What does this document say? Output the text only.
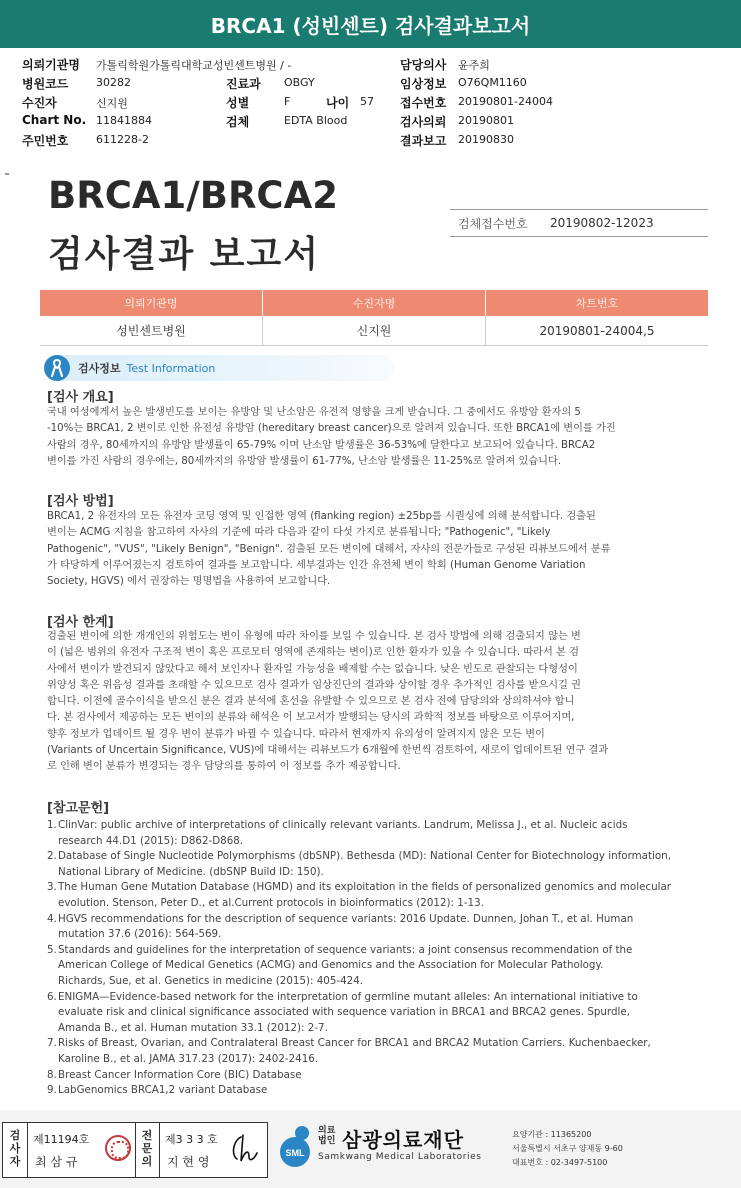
BRCA1 (성빈센트) 검사결과보고서
의뢰기관명 가톨릭학원가톨릭대학교성빈센트병원 / -	담당의사 윤주희
병원코드	30282	진료과 OBGY	임상정보 O76QM1160
수진자	신지원	성별	F	나이 57 접수번호 20190801-24004
Chart No. 11841884	검체	EDTA Blood	검사의뢰 20190801
주민번호	611228-2	결과보고 20190830
BRCA1/BRCA2
검사결과 보고서
검체접수번호	20190802-12023
의뢰기관명	수진자명	차트번호
성빈센트병원	신지원	20190801-24004,5
검사정보 Test Information
[검사 개요]
국내 여성에게서 높은 발생빈도를 보이는 유방암 및 난소암은 유전적 영향을 크게 받습니다. 그 중에서도 유방암 환자의 5
-10%는 BRCA1, 2 변이로 인한 유전성 유방암 (hereditary breast cancer)으로 알려져 있습니다. 또한 BRCA1에 변이를 가진
사람의 경우, 80세까지의 유방암 발생률이 65-79% 이며 난소암 발생률은 36-53%에 달한다고 보고되어 있습니다. BRCA2
변이를 가진 사람의 경우에는, 80세까지의 유방암 발생률이 61-77%, 난소암 발생률은 11-25%로 알려져 있습니다.
[검사 방법]
BRCA1, 2 유전자의 모든 유전자 코딩 영역 및 인접한 영역 (flanking region) ±25bp를 시퀀싱에 의해 분석합니다. 검출된
변이는 ACMG 지침을 참고하여 자사의 기준에 따라 다음과 같이 다섯 가지로 분류됩니다; "Pathogenic", "Likely
Pathogenic", "VUS", "Likely Benign", "Benign". 검출된 모든 변이에 대해서, 자사의 전문가들로 구성된 리뷰보드에서 분류
가 타당하게 이루어졌는지 검토하여 결과를 보고합니다. 세부결과는 인간 유전체 변이 학회 (Human Genome Variation
Society, HGVS) 에서 권장하는 명명법을 사용하여 보고합니다.
[검사 한계]
검출된 변이에 의한 개개인의 위험도는 변이 유형에 따라 차이를 보일 수 있습니다. 본 검사 방법에 의해 검출되지 않는 변
이 (넓은 범위의 유전자 구조적 변이 혹은 프로모터 영역에 존재하는 변이)로 인한 환자가 있을 수 있습니다. 따라서 본 검
사에서 변이가 발견되지 않았다고 해서 보인자나 환자일 가능성을 배제할 수는 없습니다. 낮은 빈도로 관찰되는 다형성이
위양성 혹은 위음성 결과를 초래할 수 있으므로 검사 결과가 임상진단의 결과와 상이할 경우 추가적인 검사를 받으시길 권
합니다. 이전에 골수이식을 받으신 분은 결과 분석에 혼선을 유발할 수 있으므로 본 검사 전에 담당의와 상의하셔야 합니
다. 본 검사에서 제공하는 모든 변이의 분류와 해석은 이 보고서가 발행되는 당시의 과학적 정보를 바탕으로 이루어지며,
향후 정보가 업데이트 될 경우 변이 분류가 바뀔 수 있습니다. 따라서 현재까지 유의성이 알려지지 않은 모든 변이
(Variants of Uncertain Significance, VUS)에 대해서는 리뷰보드가 6개월에 한번씩 검토하여, 새로이 업데이트된 연구 결과
로 인해 변이 분류가 변경되는 경우 담당의를 통하여 이 정보를 추가 제공합니다.
[참고문헌]
1. ClinVar: public archive of interpretations of clinically relevant variants. Landrum, Melissa J., et al. Nucleic acids
research 44.D1 (2015): D862-D868.
2. Database of Single Nucleotide Polymorphisms (dbSNP). Bethesda (MD): National Center for Biotechnology information,
National Library of Medicine. (dbSNP Build ID: 150).
3. The Human Gene Mutation Database (HGMD) and its exploitation in the fields of personalized genomics and molecular
evolution. Stenson, Peter D., et al.Current protocols in bioinformatics (2012): 1-13.
4. HGVS recommendations for the description of sequence variants: 2016 Update. Dunnen, Johan T., et al. Human
mutation 37.6 (2016): 564-569.
5. Standards and guidelines for the interpretation of sequence variants: a joint consensus recommendation of the
American College of Medical Genetics (ACMG) and Genomics and the Association for Molecular Pathology.
Richards, Sue, et al. Genetics in medicine (2015): 405-424.
6. ENIGMA—Evidence-based network for the interpretation of germline mutant alleles: An international initiative to
evaluate risk and clinical significance associated with sequence variation in BRCA1 and BRCA2 genes. Spurdle,
Amanda B., et al. Human mutation 33.1 (2012): 2-7.
7. Risks of Breast, Ovarian, and Contralateral Breast Cancer for BRCA1 and BRCA2 Mutation Carriers. Kuchenbaecker,
Karoline B., et al. JAMA 317.23 (2017): 2402-2416.
8. Breast Cancer Information Core (BIC) Database
9. LabGenomics BRCA1,2 variant Database
검
사
자
제11194호
최 삼 규
전
문
의
제3 3 3 호
지 현 영
SML
의료법인 삼광의료재단
Samkwang Medical Laboratories
요양기관 : 11365200
서울특별시 서초구 양재동 9-60
대표번호 : 02-3497-5100
